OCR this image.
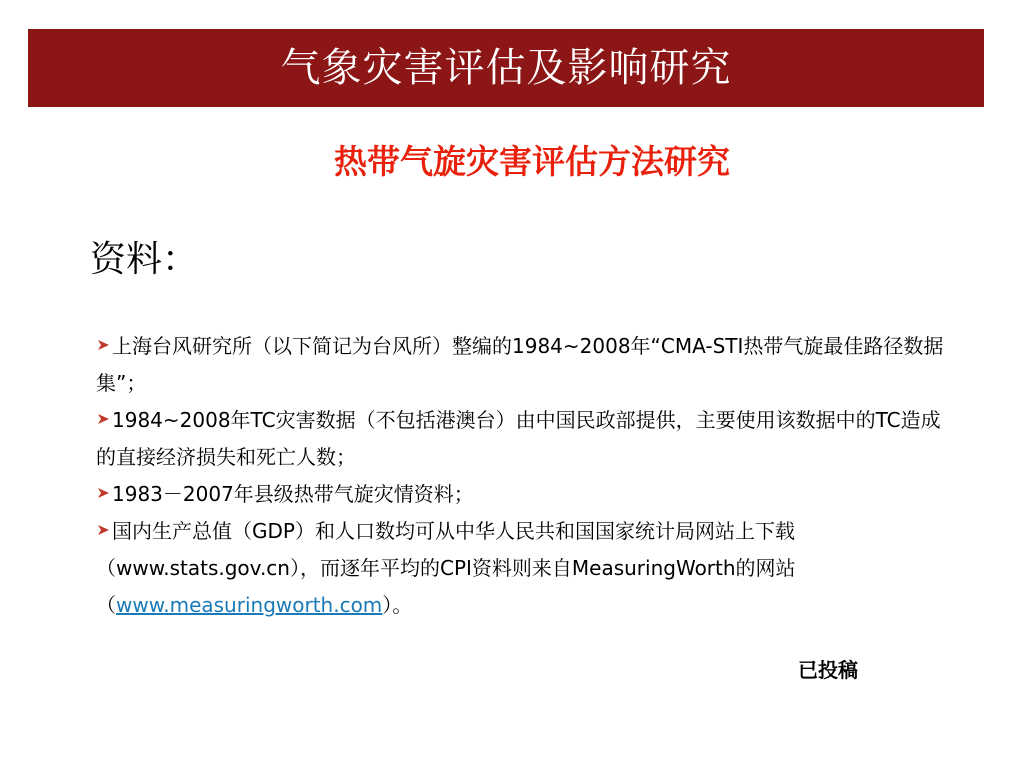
气象灾害评估及影响研究
热带气旋灾害评估方法研究
资料：
上海台风研究所（以下简记为台风所）整编的1984~2008年“CMA-STI热带气旋最佳路径数据集”；
1984~2008年TC灾害数据（不包括港澳台）由中国民政部提供，主要使用该数据中的TC造成的直接经济损失和死亡人数；
1983－2007年县级热带气旋灾情资料；
国内生产总值（GDP）和人口数均可从中华人民共和国国家统计局网站上下载（www.stats.gov.cn），而逐年平均的CPI资料则来自MeasuringWorth的网站（www.measuringworth.com）。
已投稿
